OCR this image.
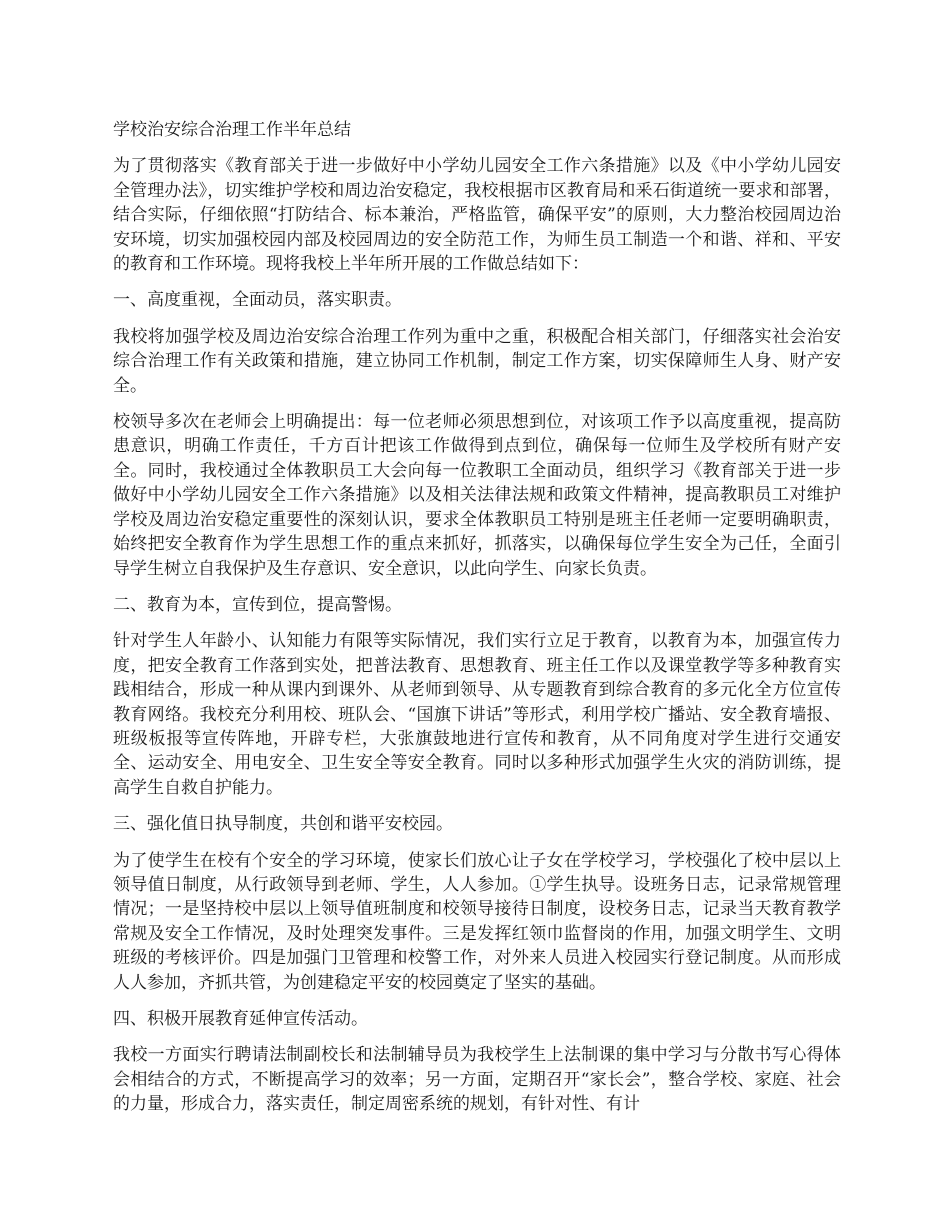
学校治安综合治理工作半年总结
为了贯彻落实《教育部关于进一步做好中小学幼儿园安全工作六条措施》以及《中小学幼儿园安全管理办法》，切实维护学校和周边治安稳定，我校根据市区教育局和釆石街道统一要求和部署，结合实际，仔细依照“打防结合、标本兼治，严格监管，确保平安”的原则，大力整治校园周边治安环境，切实加强校园内部及校园周边的安全防范工作，为师生员工制造一个和谐、祥和、平安的教育和工作环境。现将我校上半年所开展的工作做总结如下：
一、高度重视，全面动员，落实职责。
我校将加强学校及周边治安综合治理工作列为重中之重，积极配合相关部门，仔细落实社会治安综合治理工作有关政策和措施，建立协同工作机制，制定工作方案，切实保障师生人身、财产安全。
校领导多次在老师会上明确提出：每一位老师必须思想到位，对该项工作予以高度重视，提高防患意识，明确工作责任，千方百计把该工作做得到点到位，确保每一位师生及学校所有财产安全。同时，我校通过全体教职员工大会向每一位教职工全面动员，组织学习《教育部关于进一步做好中小学幼儿园安全工作六条措施》以及相关法律法规和政策文件精神，提高教职员工对维护学校及周边治安稳定重要性的深刻认识，要求全体教职员工特别是班主任老师一定要明确职责，始终把安全教育作为学生思想工作的重点来抓好，抓落实，以确保每位学生安全为己任，全面引导学生树立自我保护及生存意识、安全意识，以此向学生、向家长负责。
二、教育为本，宣传到位，提高警惕。
针对学生人年龄小、认知能力有限等实际情况，我们实行立足于教育，以教育为本，加强宣传力度，把安全教育工作落到实处，把普法教育、思想教育、班主任工作以及课堂教学等多种教育实践相结合，形成一种从课内到课外、从老师到领导、从专题教育到综合教育的多元化全方位宣传教育网络。我校充分利用校、班队会、“国旗下讲话”等形式，利用学校广播站、安全教育墙报、班级板报等宣传阵地，开辟专栏，大张旗鼓地进行宣传和教育，从不同角度对学生进行交通安全、运动安全、用电安全、卫生安全等安全教育。同时以多种形式加强学生火灾的消防训练，提高学生自救自护能力。
三、强化值日执导制度，共创和谐平安校园。
为了使学生在校有个安全的学习环境，使家长们放心让子女在学校学习，学校强化了校中层以上领导值日制度，从行政领导到老师、学生，人人参加。①学生执导。设班务日志，记录常规管理情况；一是坚持校中层以上领导值班制度和校领导接待日制度，设校务日志，记录当天教育教学常规及安全工作情况，及时处理突发事件。三是发挥红领巾监督岗的作用，加强文明学生、文明班级的考核评价。四是加强门卫管理和校警工作，对外来人员进入校园实行登记制度。从而形成人人参加，齐抓共管，为创建稳定平安的校园奠定了坚实的基础。
四、积极开展教育延伸宣传活动。
我校一方面实行聘请法制副校长和法制辅导员为我校学生上法制课的集中学习与分散书写心得体会相结合的方式，不断提高学习的效率；另一方面，定期召开“家长会”，整合学校、家庭、社会的力量，形成合力，落实责任，制定周密系统的规划，有针对性、有计
